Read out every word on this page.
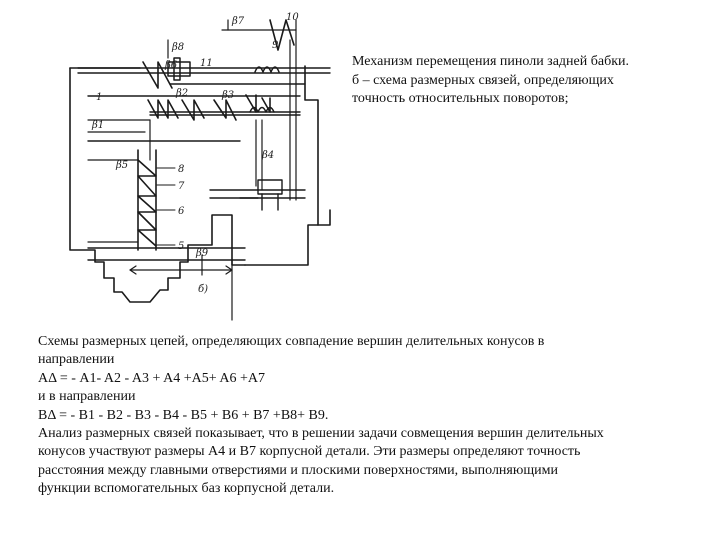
β7	10
β8
β6 11
9
1
β1
β2	β3
β4
β5	8
7
6
5
β9
б)
Механизм перемещения пиноли задней бабки.
б – схема размерных связей, определяющих
точность относительных поворотов;
Схемы размерных цепей, определяющих совпадение вершин делительных конусов в
направлении
AΔ = - A1- A2 - A3 + A4 +A5+ A6 +A7
и в направлении
BΔ = - B1 - B2 - B3 - B4 - B5 + B6 + B7 +B8+ B9.
Анализ размерных связей показывает, что в решении задачи совмещения вершин делительных
конусов участвуют размеры А4 и В7 корпусной детали. Эти размеры определяют точность
расстояния между главными отверстиями и плоскими поверхностями, выполняющими
функции вспомогательных баз корпусной детали.
